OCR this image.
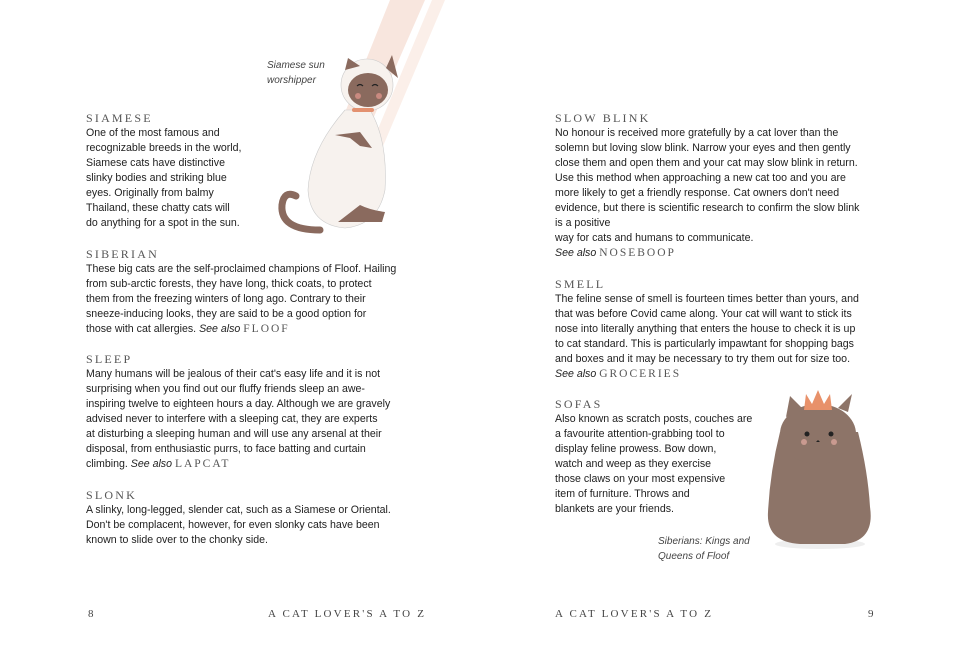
Siamese sun
worshipper
SIAMESE
One of the most famous and
recognizable breeds in the world,
Siamese cats have distinctive
slinky bodies and striking blue
eyes. Originally from balmy
Thailand, these chatty cats will
do anything for a spot in the sun.
SIBERIAN
These big cats are the self-proclaimed champions of Floof. Hailing
from sub-arctic forests, they have long, thick coats, to protect
them from the freezing winters of long ago. Contrary to their
sneeze-inducing looks, they are said to be a good option for
those with cat allergies. See also FLOOF
SLEEP
Many humans will be jealous of their cat's easy life and it is not
surprising when you find out our fluffy friends sleep an awe-
inspiring twelve to eighteen hours a day. Although we are gravely
advised never to interfere with a sleeping cat, they are experts
at disturbing a sleeping human and will use any arsenal at their
disposal, from enthusiastic purrs, to face batting and curtain
climbing. See also LAPCAT
SLONK
A slinky, long-legged, slender cat, such as a Siamese or Oriental.
Don't be complacent, however, for even slonky cats have been
known to slide over to the chonky side.
8	A CAT LOVER'S A TO Z
SLOW BLINK
No honour is received more gratefully by a cat lover than the
solemn but loving slow blink. Narrow your eyes and then gently
close them and open them and your cat may slow blink in return.
Use this method when approaching a new cat too and you are
more likely to get a friendly response. Cat owners don't need
evidence, but there is scientific research to confirm the slow blink
is a positive
way for cats and humans to communicate.
See also NOSEBOOP
SMELL
The feline sense of smell is fourteen times better than yours, and
that was before Covid came along. Your cat will want to stick its
nose into literally anything that enters the house to check it is up
to cat standard. This is particularly impawtant for shopping bags
and boxes and it may be necessary to try them out for size too.
See also GROCERIES
SOFAS
Also known as scratch posts, couches are
a favourite attention-grabbing tool to
display feline prowess. Bow down,
watch and weep as they exercise
those claws on your most expensive
item of furniture. Throws and
blankets are your friends.
Siberians: Kings and
Queens of Floof
A CAT LOVER'S A TO Z	9
